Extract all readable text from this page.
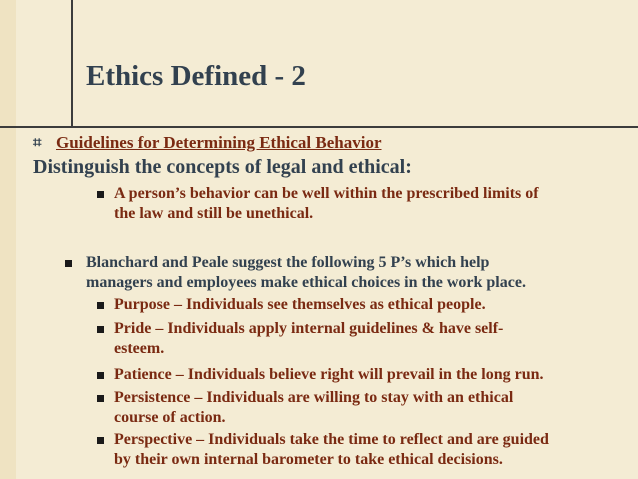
Ethics Defined - 2
⌗ Guidelines for Determining Ethical Behavior
Distinguish the concepts of legal and ethical:
A person’s behavior can be well within the prescribed limits of
the law and still be unethical.
Blanchard and Peale suggest the following 5 P’s which help
managers and employees make ethical choices in the work place.
Purpose – Individuals see themselves as ethical people.
Pride – Individuals apply internal guidelines & have self-
esteem.
Patience – Individuals believe right will prevail in the long run.
Persistence – Individuals are willing to stay with an ethical
course of action.
Perspective – Individuals take the time to reflect and are guided
by their own internal barometer to take ethical decisions.
